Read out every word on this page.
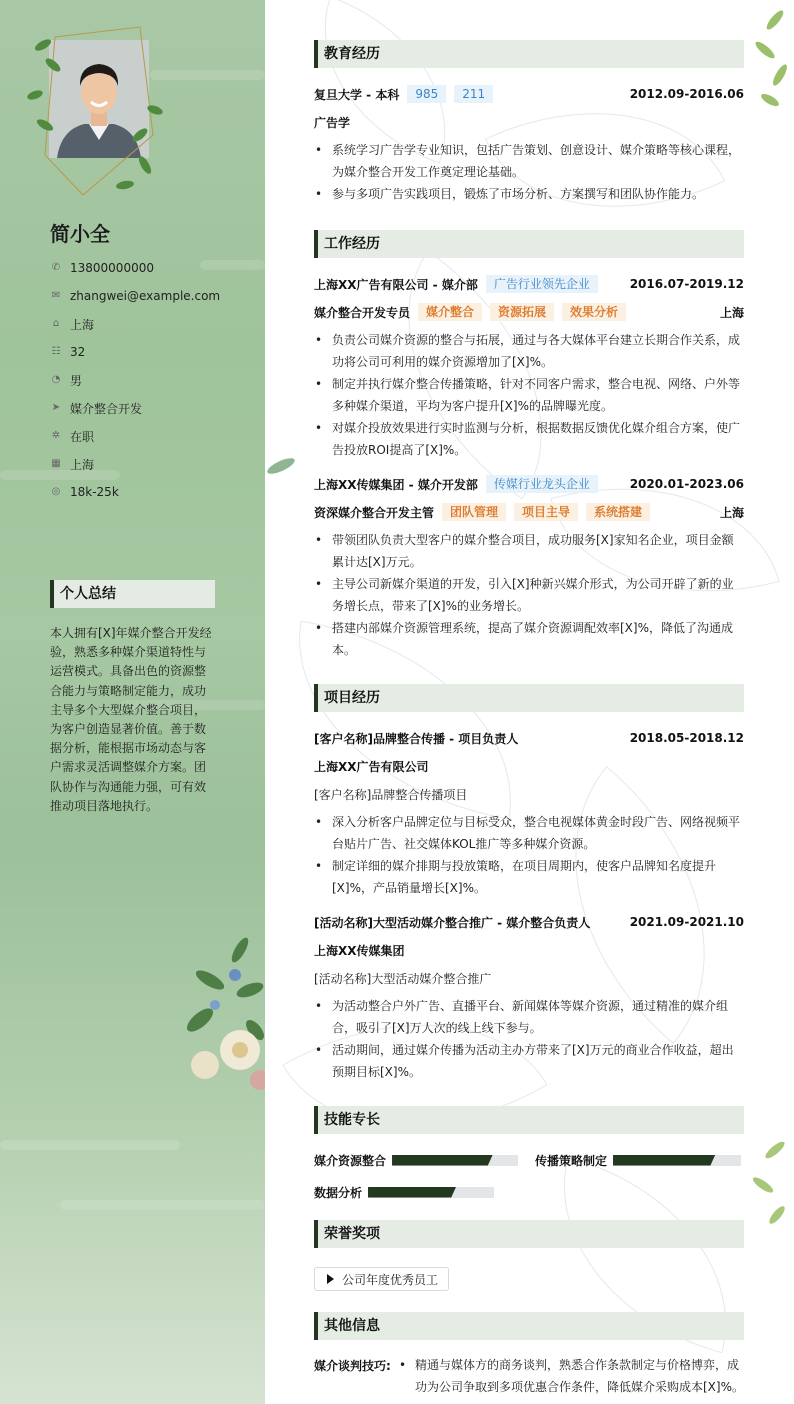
简小全
✆ 13800000000
✉ zhangwei@example.com
⌂ 上海
☷ 32
◔ 男
➤ 媒介整合开发
✲ 在职
▦ 上海
◎ 18k-25k
个人总结
本人拥有[X]年媒介整合开发经验，熟悉多种媒介渠道特性与运营模式。具备出色的资源整合能力与策略制定能力，成功主导多个大型媒介整合项目，为客户创造显著价值。善于数据分析，能根据市场动态与客户需求灵活调整媒介方案。团队协作与沟通能力强，可有效推动项目落地执行。
教育经历
复旦大学 - 本科	985	211	2012.09-2016.06
广告学
• 系统学习广告学专业知识，包括广告策划、创意设计、媒介策略等核心课程，为媒介整合开发工作奠定理论基础。
• 参与多项广告实践项目，锻炼了市场分析、方案撰写和团队协作能力。
工作经历
上海XX广告有限公司 - 媒介部	广告行业领先企业	2016.07-2019.12
媒介整合开发专员	媒介整合	资源拓展	效果分析	上海
• 负责公司媒介资源的整合与拓展，通过与各大媒体平台建立长期合作关系，成功将公司可利用的媒介资源增加了[X]%。
• 制定并执行媒介整合传播策略，针对不同客户需求，整合电视、网络、户外等多种媒介渠道，平均为客户提升[X]%的品牌曝光度。
• 对媒介投放效果进行实时监测与分析，根据数据反馈优化媒介组合方案，使广告投放ROI提高了[X]%。
上海XX传媒集团 - 媒介开发部	传媒行业龙头企业	2020.01-2023.06
资深媒介整合开发主管	团队管理	项目主导	系统搭建	上海
• 带领团队负责大型客户的媒介整合项目，成功服务[X]家知名企业，项目金额累计达[X]万元。
• 主导公司新媒介渠道的开发，引入[X]种新兴媒介形式，为公司开辟了新的业务增长点，带来了[X]%的业务增长。
• 搭建内部媒介资源管理系统，提高了媒介资源调配效率[X]%，降低了沟通成本。
项目经历
[客户名称]品牌整合传播 - 项目负责人	2018.05-2018.12
上海XX广告有限公司
[客户名称]品牌整合传播项目
• 深入分析客户品牌定位与目标受众，整合电视媒体黄金时段广告、网络视频平台贴片广告、社交媒体KOL推广等多种媒介资源。
• 制定详细的媒介排期与投放策略，在项目周期内，使客户品牌知名度提升[X]%，产品销量增长[X]%。
[活动名称]大型活动媒介整合推广 - 媒介整合负责人	2021.09-2021.10
上海XX传媒集团
[活动名称]大型活动媒介整合推广
• 为活动整合户外广告、直播平台、新闻媒体等媒介资源，通过精准的媒介组合，吸引了[X]万人次的线上线下参与。
• 活动期间，通过媒介传播为活动主办方带来了[X]万元的商业合作收益，超出预期目标[X]%。
技能专长
媒介资源整合	传播策略制定
数据分析
荣誉奖项
公司年度优秀员工
其他信息
媒介谈判技巧:
•	精通与媒体方的商务谈判，熟悉合作条款制定与价格博弈，成功为公司争取到多项优惠合作条件，降低媒介采购成本[X]%。
